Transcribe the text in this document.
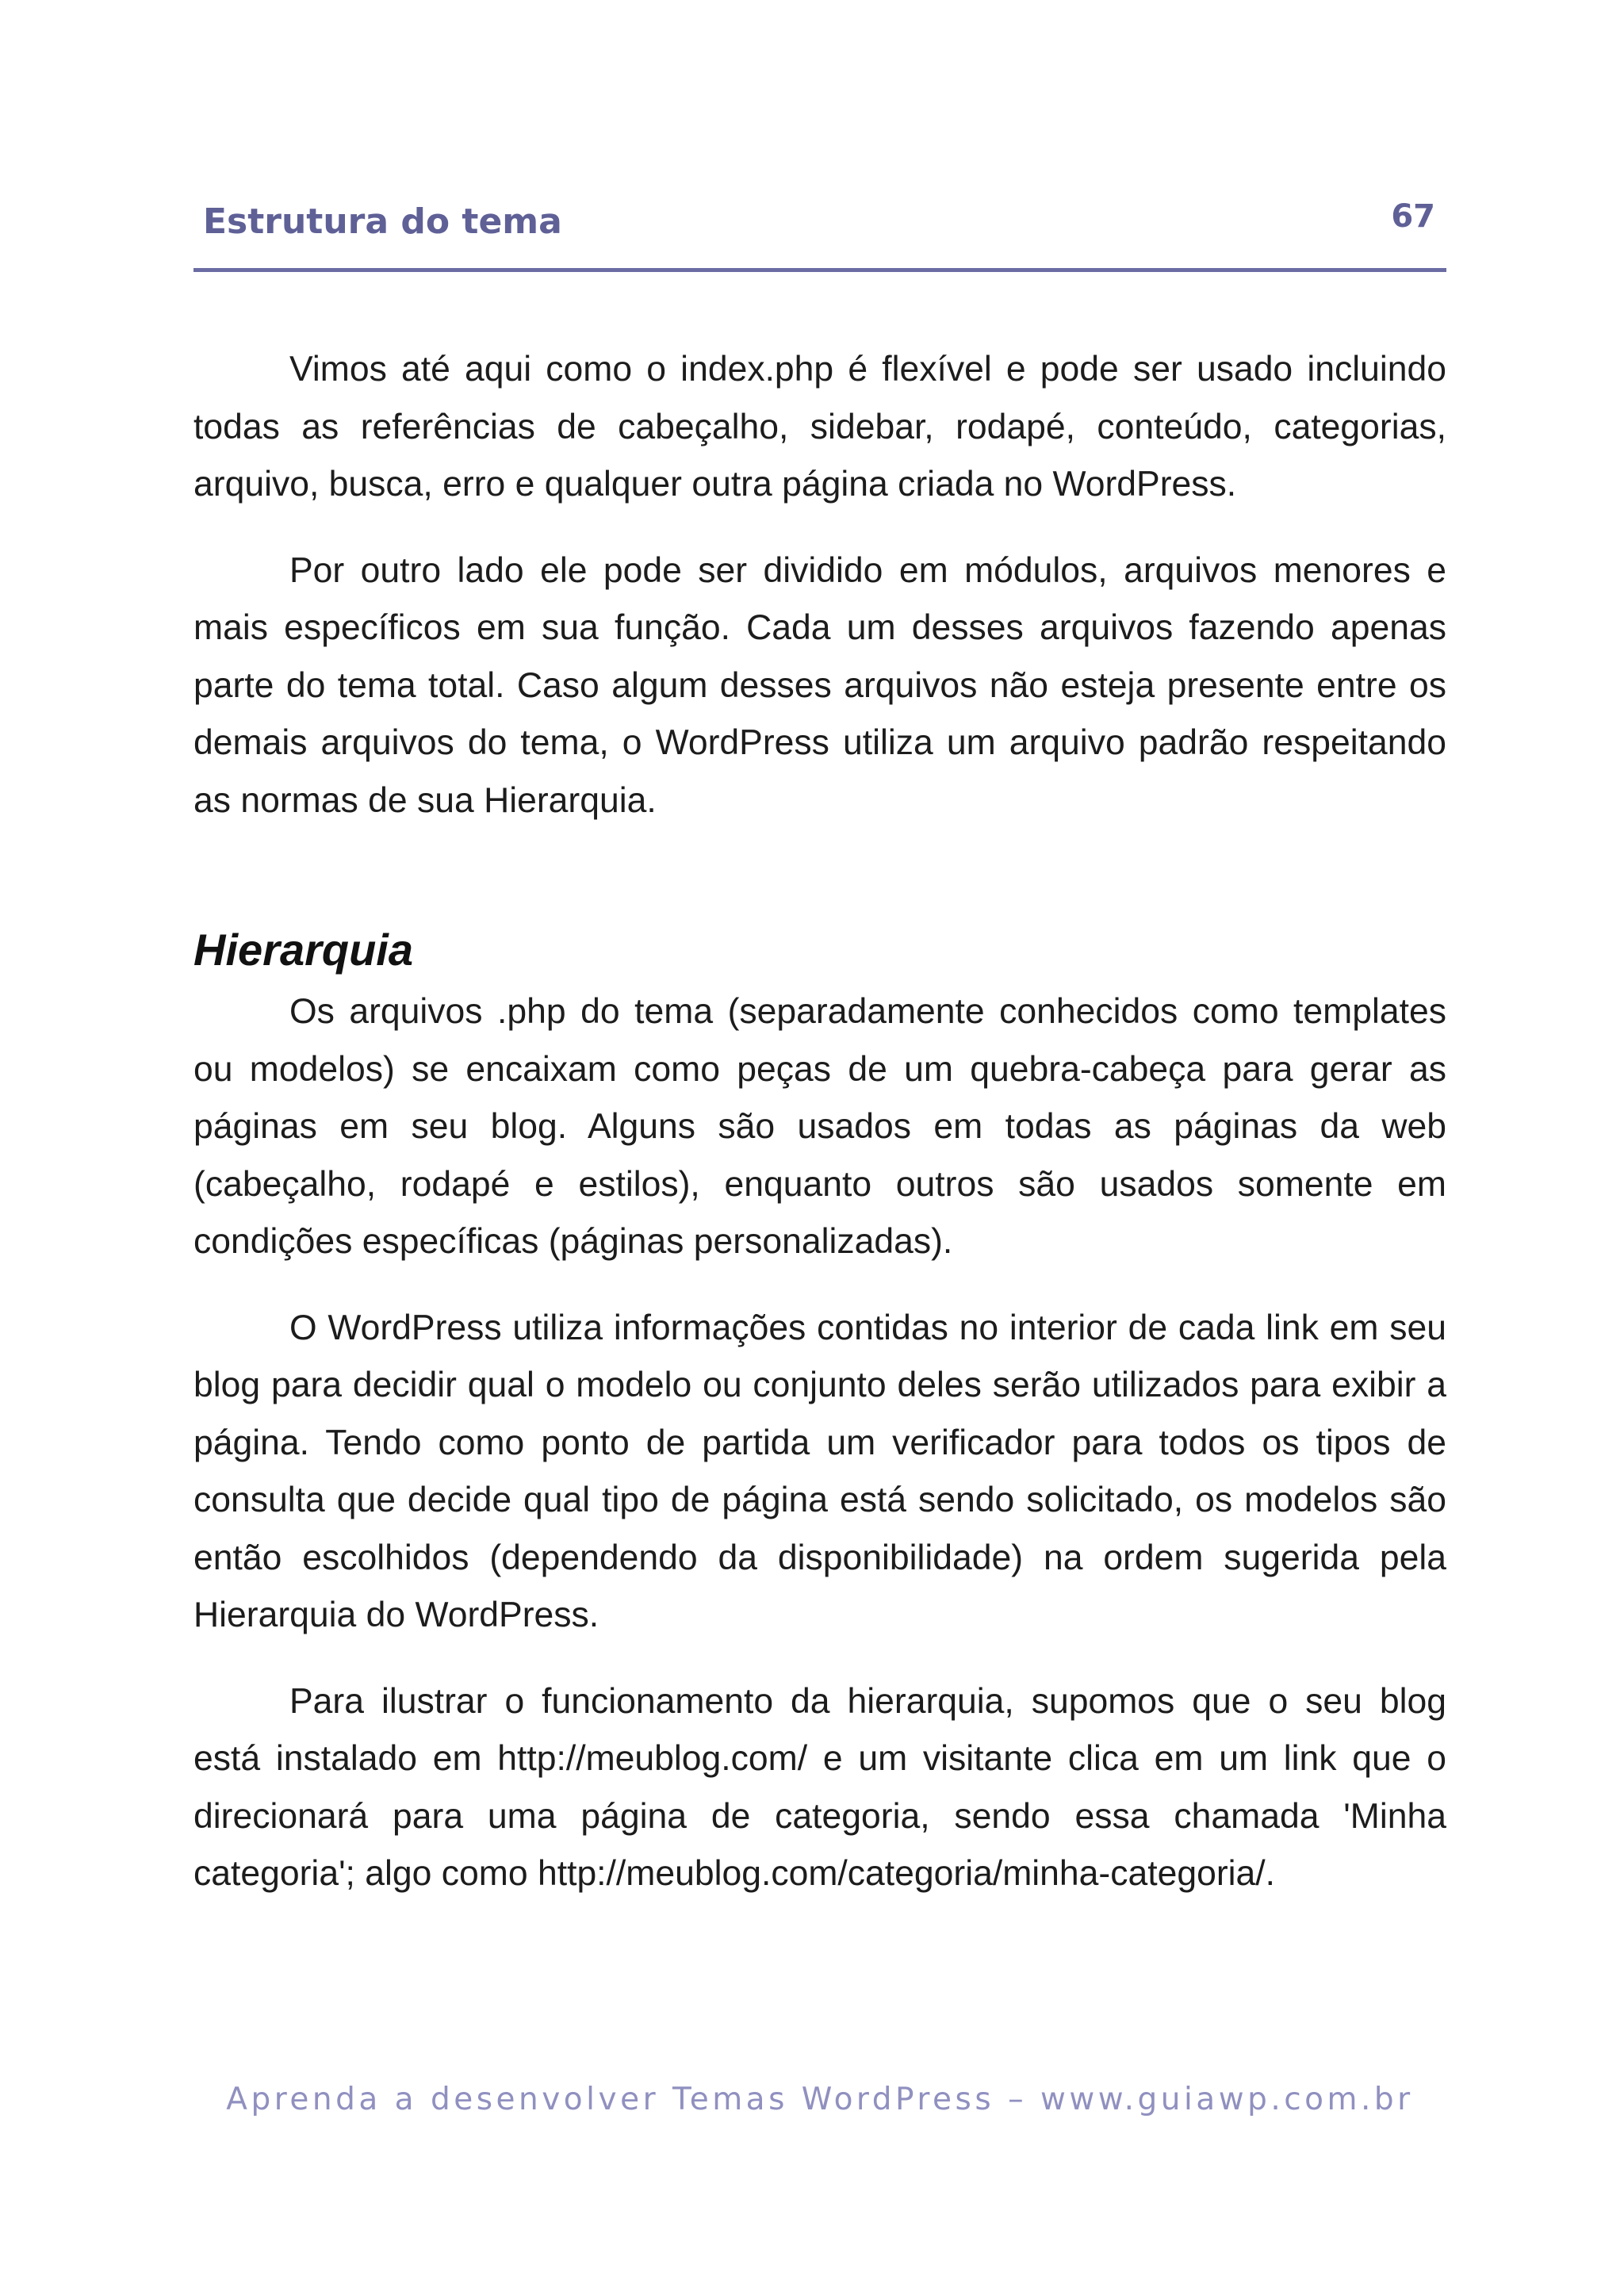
Estrutura do tema	67

Vimos até aqui como o index.php é flexível e pode ser usado incluindo todas as referências de cabeçalho, sidebar, rodapé, conteúdo, categorias, arquivo, busca, erro e qualquer outra página criada no WordPress.

Por outro lado ele pode ser dividido em módulos, arquivos menores e mais específicos em sua função. Cada um desses arquivos fazendo apenas parte do tema total. Caso algum desses arquivos não esteja presente entre os demais arquivos do tema, o WordPress utiliza um arquivo padrão respeitando as normas de sua Hierarquia.

Hierarquia

Os arquivos .php do tema (separadamente conhecidos como templates ou modelos) se encaixam como peças de um quebra-cabeça para gerar as páginas em seu blog. Alguns são usados em todas as páginas da web (cabeçalho, rodapé e estilos), enquanto outros são usados somente em condições específicas (páginas personalizadas).

O WordPress utiliza informações contidas no interior de cada link em seu blog para decidir qual o modelo ou conjunto deles serão utilizados para exibir a página. Tendo como ponto de partida um verificador para todos os tipos de consulta que decide qual tipo de página está sendo solicitado, os modelos são então escolhidos (dependendo da disponibilidade) na ordem sugerida pela Hierarquia do WordPress.

Para ilustrar o funcionamento da hierarquia, supomos que o seu blog está instalado em http://meublog.com/ e um visitante clica em um link que o direcionará para uma página de categoria, sendo essa chamada 'Minha categoria'; algo como http://meublog.com/categoria/minha-categoria/.

Aprenda a desenvolver Temas WordPress – www.guiawp.com.br
